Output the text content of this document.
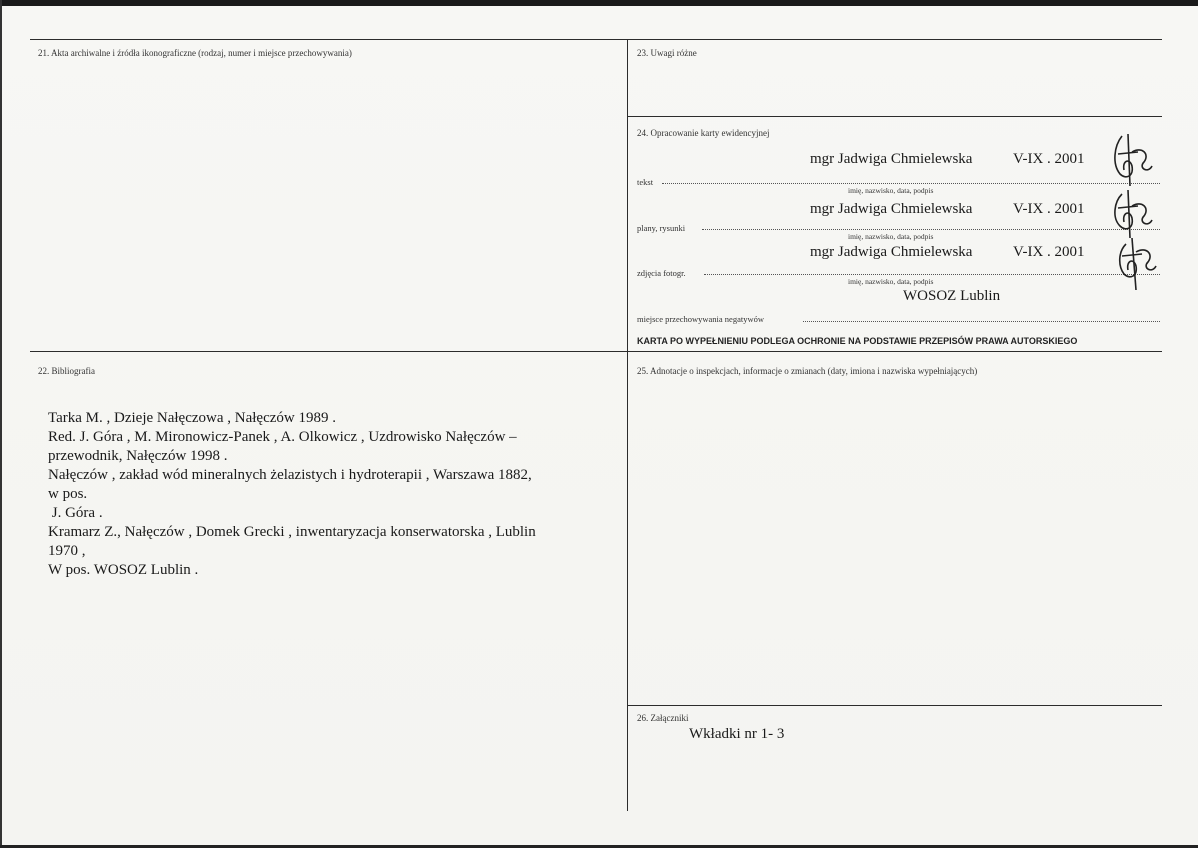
21. Akta archiwalne i źródła ikonograficzne (rodzaj, numer i miejsce przechowywania)	23. Uwagi różne
24. Opracowanie karty ewidencyjnej
22. Bibliografia	25. Adnotacje o inspekcjach, informacje o zmianach (daty, imiona i nazwiska wypełniających)
26. Załączniki
mgr Jadwiga Chmielewska	V-IX . 2001
tekst
imię, nazwisko, data, podpis
mgr Jadwiga Chmielewska	V-IX . 2001
plany, rysunki
imię, nazwisko, data, podpis
mgr Jadwiga Chmielewska	V-IX . 2001
zdjęcia fotogr.
imię, nazwisko, data, podpis
WOSOZ Lublin
miejsce przechowywania negatywów
KARTA PO WYPEŁNIENIU PODLEGA OCHRONIE NA PODSTAWIE PRZEPISÓW PRAWA AUTORSKIEGO
Tarka M. , Dzieje Nałęczowa , Nałęczów 1989 .
Red. J. Góra , M. Mironowicz-Panek , A. Olkowicz , Uzdrowisko Nałęczów –
przewodnik, Nałęczów 1998 .
Nałęczów , zakład wód mineralnych żelazistych i hydroterapii , Warszawa 1882,
w pos.
J. Góra .
Kramarz Z., Nałęczów , Domek Grecki , inwentaryzacja konserwatorska , Lublin
1970 ,
W pos. WOSOZ Lublin .
Wkładki nr 1- 3
